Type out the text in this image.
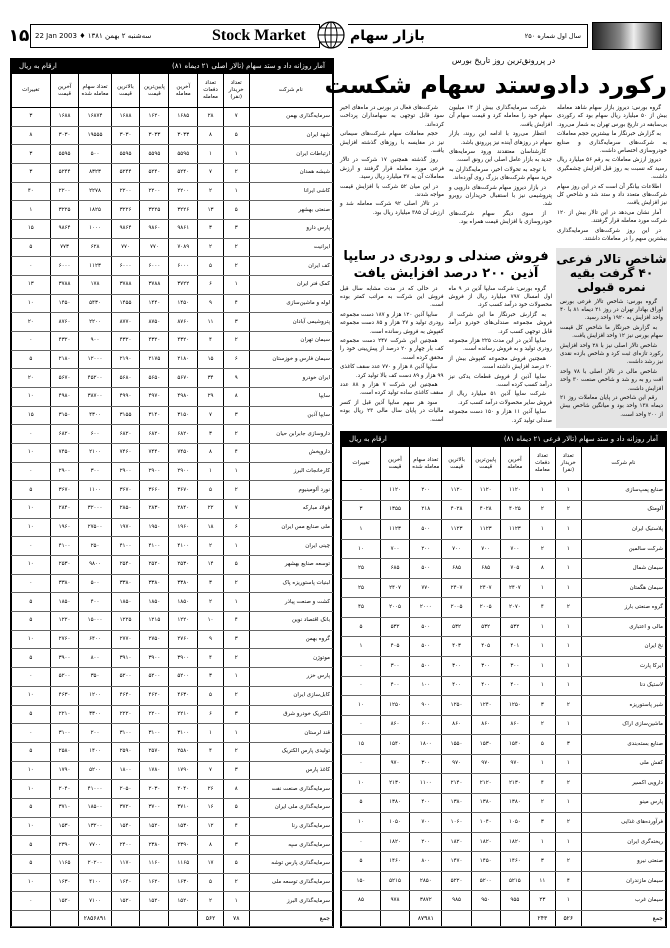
۱۵ 22 Jan 2003 ♦ ۱۳۸۱ سه‌شنبه ۲ بهمن	Stock Market	سال اول شماره ۲۵۰
بازار سهام
آمار روزانه داد و ستد سهام (تالار اصلی ۲۱ دیماه ۸۱)
ارقام به ریال
نام شرکت	تعداد خریدار (نفر)	تعداد دفعات معامله	آخرین معامله	پایین‌ترین قیمت	بالاترین قیمت	تعداد سهام معامله شده	آخرین قیمت	تغییرات
سرمایه‌گذاری بهمن	۷	۲۸	۱۶۸۵	۱۶۲۰	۱۶۸۸	۱۶۸۷۴	۱۶۸۸	۳
شهد ایران	۵	۸	۳۰۳۳	۳۰۳۳	۳۰۳۰	۱۹۵۵۵	۳۰۳۰	۸
ارتباطات ایران	۱	۱	۵۵۹۵	۵۵۹۵	۵۵۹۵	۵۰۰	۵۵۹۵	۳
شیشه همدان	۲	۷	۵۲۴۰	۵۲۴۰	۵۲۴۴	۸۳۲۳	۵۲۴۴	۳
کاشی ایرانا	۱	۲	۲۲۰۰	۲۲۰۰	۲۲۰۰	۲۲۷۸	۲۲۰۰	۴۰
صنعتی بهشهر	۵	۱۳	۳۲۲۶	۳۲۲۵	۳۲۲۶	۱۸۲۵	۳۲۲۵	۱
پارس دارو	۳	۳	۹۸۶۱	۹۸۶۰	۹۸۶۴	۱۰۰۰	۹۸۶۴	۱۵
ایرانیت	۲	۲	۷۰۸۹	۷۷۰	۷۷۰	۶۲۸	۷۷۳	۵
کف ایران	۲	۵	۶۰۰۰	۶۰۰۰	۶۰۰۰	۱۱۲۳	۶۰۰۰	۰
کمک فنر ایران	۱	۶	۳۷۲۲	۳۷۸۸	۳۷۸۸	۱۷۸	۳۷۸۸	۱۳
لوله و ماشین‌سازی	۴	۹	۱۴۵۰	۱۴۴۰	۱۴۵۵	۵۴۳۰	۱۴۵۰	۱۰
پتروشیمی آبادان	۳	۱۱	۸۷۶۰	۸۷۵۰	۸۷۷۰	۲۲۰۰	۸۷۶۰	۲۰
سیمان تهران	۲	۴	۴۳۲۰	۴۳۲۰	۴۳۲۰	۹۰۰	۴۳۲۰	۰
سیمان فارس و خوزستان	۶	۱۵	۲۱۸۰	۲۱۷۵	۲۱۹۰	۱۲۰۰۰	۲۱۸۰	۵
ایران خودرو	۹	۳۴	۵۶۷۰	۵۶۵۰	۵۶۸۰	۴۵۲۰۰	۵۶۷۰	۲۰
سایپا	۸	۲۹	۴۹۸۰	۴۹۷۰	۴۹۹۰	۳۸۷۰۰	۴۹۸۰	۱۰
سایپا آذین	۳	۷	۳۱۵۰	۳۱۴۰	۳۱۵۵	۴۳۰۰	۳۱۵۰	۱۵
داروسازی جابرابن حیان	۲	۳	۶۸۲۰	۶۸۲۰	۶۸۲۰	۶۰۰	۶۸۲۰	۰
داروپخش	۴	۸	۷۴۵۰	۷۴۴۰	۷۴۶۰	۲۱۰۰	۷۴۵۰	۱۰
کارخانجات البرز	۱	۱	۲۹۰۰	۲۹۰۰	۲۹۰۰	۳۰۰	۲۹۰۰	۰
نورد آلومینیوم	۲	۵	۳۶۷۰	۳۶۶۰	۳۶۷۰	۱۱۰۰	۳۶۷۰	۵
فولاد مبارکه	۷	۲۲	۲۸۴۰	۲۸۳۰	۲۸۵۰	۳۲۰۰۰	۲۸۴۰	۱۰
ملی صنایع مس ایران	۶	۱۸	۱۹۶۰	۱۹۵۰	۱۹۷۰	۲۷۵۰۰	۱۹۶۰	۱۰
چینی ایران	۱	۲	۴۱۰۰	۴۱۰۰	۴۱۰۰	۲۵۰	۴۱۰۰	۰
توسعه صنایع بهشهر	۵	۱۴	۲۵۳۰	۲۵۲۰	۲۵۴۰	۹۸۰۰	۲۵۳۰	۱۰
لبنیات پاستوریزه پاک	۲	۳	۳۳۸۰	۳۳۸۰	۳۳۸۰	۵۰۰	۳۳۸۰	۰
کشت و صنعت پیاذر	۱	۲	۱۸۵۰	۱۸۵۰	۱۸۵۰	۴۰۰	۱۸۵۰	۵
بانک اقتصاد نوین	۴	۱۰	۱۲۲۰	۱۲۱۵	۱۲۲۵	۱۵۰۰۰	۱۲۲۰	۵
گروه بهمن	۳	۹	۲۷۶۰	۲۷۵۰	۲۷۷۰	۶۴۰۰	۲۷۶۰	۱۰
موتوژن	۲	۴	۳۹۰۰	۳۹۰۰	۳۹۱۰	۸۰۰	۳۹۰۰	۵
پارس خزر	۱	۳	۵۲۰۰	۵۲۰۰	۵۲۰۰	۳۵۰	۵۲۰۰	۰
کابل‌سازی ایران	۲	۵	۴۶۳۰	۴۶۲۰	۴۶۴۰	۱۲۰۰	۴۶۳۰	۱۰
الکتریک خودرو شرق	۳	۶	۲۲۱۰	۲۲۰۰	۲۲۲۰	۳۳۰۰	۲۲۱۰	۵
قند لرستان	۱	۱	۳۱۰۰	۳۱۰۰	۳۱۰۰	۲۰۰	۳۱۰۰	۰
تولیدی پارس الکتریک	۲	۴	۲۵۸۰	۲۵۷۰	۲۵۹۰	۱۴۰۰	۲۵۸۰	۵
کاغذ پارس	۳	۷	۱۷۹۰	۱۷۸۰	۱۸۰۰	۵۲۰۰	۱۷۹۰	۱۰
سرمایه‌گذاری صنعت نفت	۸	۲۶	۲۰۴۰	۲۰۳۰	۲۰۵۰	۴۱۰۰۰	۲۰۴۰	۱۰
سرمایه‌گذاری ملی ایران	۵	۱۶	۳۷۱۰	۳۷۰۰	۳۷۲۰	۱۸۵۰۰	۳۷۱۰	۵
سرمایه‌گذاری رنا	۴	۱۲	۱۵۳۰	۱۵۲۰	۱۵۴۰	۱۳۲۰۰	۱۵۳۰	۱۰
سرمایه‌گذاری سپه	۳	۸	۲۳۹۰	۲۳۸۰	۲۴۰۰	۷۷۰۰	۲۳۹۰	۵
سرمایه‌گذاری پارس توشه	۵	۱۷	۱۱۶۵	۱۱۶۰	۱۱۷۰	۲۰۲۰۰	۱۱۶۵	۵
سرمایه‌گذاری توسعه ملی	۲	۵	۱۶۳۰	۱۶۲۰	۱۶۴۰	۴۱۰۰	۱۶۳۰	۱۰
سرمایه‌گذاری البرز	۱	۲	۱۵۲۰	۱۵۲۰	۱۵۲۰	۷۱۰۰	۱۵۲۰	۰
جمع	۷۸	۵۶۲				۲۸۵۶۸۹۱		
در پررونق‌ترین روز تاریخ بورس
رکورد دادوستد سهام شکست

گروه بورس: دیروز بازار سهام شاهد معامله بیش از ۵۰ میلیارد ریال سهام بود که رکوردی بی‌سابقه در تاریخ بورس تهران به شمار می‌رود.

به گزارش خبرنگار ما بیشترین حجم معاملات به شرکت‌های سرمایه‌گذاری و صنایع خودروسازی اختصاص داشت.

دیروز ارزش معاملات به رقم ۵۶ میلیارد ریال رسید که نسبت به روز قبل افزایش چشمگیری داشت.

اطلاعات بیانگر آن است که در این روز سهام شرکت‌های متعدد داد و ستد شد و شاخص کل نیز افزایش یافت.

آمار نشان می‌دهد در این تالار بیش از ۱۲۰ شرکت مورد معامله قرار گرفتند.

در این روز شرکت‌های سرمایه‌گذاری بیشترین سهم را در معاملات داشتند.

شرکت سرمایه‌گذاری بیش از ۱۴ میلیون سهام خود را معامله کرد و قیمت سهام آن افزایش یافت.

انتظار می‌رود با ادامه این روند، بازار سهام در روزهای آینده نیز پررونق باشد.

کارشناسان معتقدند ورود سرمایه‌های جدید به بازار عامل اصلی این رونق است.

با توجه به تحولات اخیر، سرمایه‌گذاران به خرید سهام شرکت‌های بزرگ روی آورده‌اند.

در بازار دیروز سهام شرکت‌های دارویی و پتروشیمی نیز با استقبال خریداران روبرو شد.

از سوی دیگر سهام شرکت‌های خودروسازی با افزایش قیمت همراه بود.

شرکت‌های فعال در بورس در ماه‌های اخیر سود قابل توجهی به سهامداران پرداخت کرده‌اند.

حجم معاملات سهام شرکت‌های سیمانی نیز در مقایسه با روزهای گذشته افزایش یافت.

روز گذشته همچنین ۱۷ شرکت در تالار فرعی مورد معامله قرار گرفتند و ارزش معاملات آن به ۳۷ میلیارد ریال رسید.

در این میان ۵۲ شرکت با افزایش قیمت مواجه شدند.

در تالار اصلی ۹۲ شرکت معامله شد و ارزش آن ۳۸۵ میلیارد ریال بود.

شاخص تالار فرعی ۴۰ گرفت بقیه نمره قبولی

گروه بورس: شاخص تالار فرعی بورس اوراق بهادار تهران در روز ۲۱ دیماه ۸۱ با ۴۰ واحد افزایش به ۱۹۲۰ واحد رسید.

به گزارش خبرنگار ما شاخص کل قیمت سهام بورس نیز ۱۲ واحد افزایش یافت.

شاخص تالار اصلی نیز با ۲۸ واحد افزایش رکورد تازه‌ای ثبت کرد و شاخص بازده نقدی نیز رشد داشت.

شاخص مالی در تالار اصلی با ۷۸ واحد افت رو به رو شد و شاخص صنعت ۳۰ واحد افزایش داشت.

رقم این شاخص در پایان معاملات روز ۲۱ دیماه ۱۳۸ واحد بود و میانگین شاخص بیش از ۲۰۰ واحد است.

فروش صندلی و رودری در سایپا آذین ۲۰۰ درصد افزایش یافت

گروه بورس: شرکت سایپا آذین در ۹ ماه اول امسال ۷۹۷ میلیارد ریال از فروش محصولات خود درآمد کسب کرد.

به گزارش خبرنگار ما این شرکت از فروش مجموعه صندلی‌های خودرو درآمد قابل توجهی کسب کرد.

سایپا آذین در این مدت ۲۲۵ هزار مجموعه رودری تولید و به فروش رسانده است.

همچنین فروش مجموعه کفپوش بیش از ۲۰ درصد افزایش داشته است.

سایپا آذین از فروش قطعات یدکی نیز درآمد کسب کرده است.

شرکت سایپا آذین ۵۱ میلیارد ریال از فروش سایر محصولات درآمد کسب کرد.

سایپا آذین ۱۱ هزار و ۱۵۰ دست مجموعه صندلی تولید کرد.

در حالی که در مدت مشابه سال قبل فروش این شرکت به مراتب کمتر بوده است.

سایپا آذین ۱۲۰ هزار و ۱۸۷ دست مجموعه رودری تولید و ۲۷ هزار و ۸۵ دست مجموعه کفپوش به فروش رسانده است.

همچنین این شرکت ۲۴۷ دست مجموعه کف بار چهار و ۲۰ درصد از پیش‌بینی خود را محقق کرده است.

سایپا آذین ۸ هزار و ۷۷۰ عدد سقف کاغذی ۹۹ هزار و ۸۹ دست کف بالا تولید کرد.

همچنین این شرکت ۷ هزار و ۸۸ عدد سقف کاغذی ساده تولید کرده است.

سود هر سهم سایپا آذین قبل از کسر مالیات در پایان سال مالی ۲۳ ریال بوده است.

آمار روزانه داد و ستد سهام (تالار فرعی ۲۱ دیماه ۸۱)
ارقام به ریال
نام شرکت	تعداد خریدار (نفر)	تعداد دفعات معامله	آخرین معامله	پایین‌ترین قیمت	بالاترین قیمت	تعداد سهام معامله شده	آخرین قیمت	تغییرات
صنایع پمپ‌سازی	۱	۱	۱۱۲۰	۱۱۲۰	۱۱۲۰	۲۰۰	۱۱۲۰	۰
آلومتک	۲	۲	۴۰۲۵	۴۰۲۸	۴۰۲۸	۲۱۸	۱۳۵۵	۳
پلاستیک ایران	۱	۱	۱۱۲۳	۱۱۲۳	۱۱۲۳	۵۰۰	۱۱۲۳	۱
شرکت سالمین	۱	۲	۷۰۰	۷۰۰	۷۰۰	۲۰۰	۷۰۰	۱۰
سیمان شمال	۱	۸	۷۰۵	۶۸۵	۶۸۵	۵۰۰	۶۸۵	۲۵
سیمان هگمتان	۱	۱	۲۴۰۷	۲۴۰۷	۲۴۰۷	۷۷۰	۲۴۰۷	۲۵
گروه صنعتی بارز	۲	۴	۲۰۷۰	۲۰۰۵	۲۰۰۵	۲۰۰۰	۲۰۰۵	۴۵
مالی و اعتباری	۱	۱	۵۳۲	۵۳۲	۵۳۲	۵۰۰	۵۳۲	۵
نخ ایران	۱	۱	۴۰۱	۴۰۵	۴۰۳	۵۰۰	۴۰۵	۱
ایرکا پارت	۱	۱	۳۰۰	۳۰۰	۳۰۰	۵۰۰	۳۰۰	۰
لاستیک دنا	۱	۱	۴۰۰	۴۰۰	۴۰۰	۱۰۰	۴۰۰	۰
شیر پاستوریزه	۲	۳	۱۲۵۰	۱۲۴۰	۱۲۵۰	۹۰۰	۱۲۵۰	۱۰
ماشین‌سازی اراک	۱	۲	۸۶۰	۸۶۰	۸۶۰	۶۰۰	۸۶۰	۰
صنایع بسته‌بندی	۳	۵	۱۵۴۰	۱۵۳۰	۱۵۵۰	۱۸۰۰	۱۵۴۰	۱۵
کفش ملی	۱	۱	۹۷۰	۹۷۰	۹۷۰	۳۰۰	۹۷۰	۰
دارویی اکسیر	۲	۴	۲۱۳۰	۲۱۲۰	۲۱۴۰	۱۱۰۰	۲۱۳۰	۱۰
پارس مینو	۱	۲	۱۳۸۰	۱۳۸۰	۱۳۸۰	۴۰۰	۱۳۸۰	۵
فرآورده‌های غذایی	۲	۳	۱۰۵۰	۱۰۴۰	۱۰۶۰	۷۰۰	۱۰۵۰	۱۰
ریخته‌گری ایران	۱	۱	۱۸۲۰	۱۸۲۰	۱۸۲۰	۲۰۰	۱۸۲۰	۰
صنعتی نیرو	۲	۳	۱۴۶۰	۱۴۵۰	۱۴۷۰	۸۰۰	۱۴۶۰	۵
سیمان مازندران	۴	۱۱	۵۲۱۵	۵۲۰۰	۵۲۲۰	۲۸۵۰	۵۲۱۵	۱۵۰
سیمان غرب	۱	۲۳	۹۵۵	۹۵۰	۹۸۵	۳۸۷۲	۹۷۸	۸۵
جمع	۵۲۶	۲۴۳				۸۷۹۸۱		
